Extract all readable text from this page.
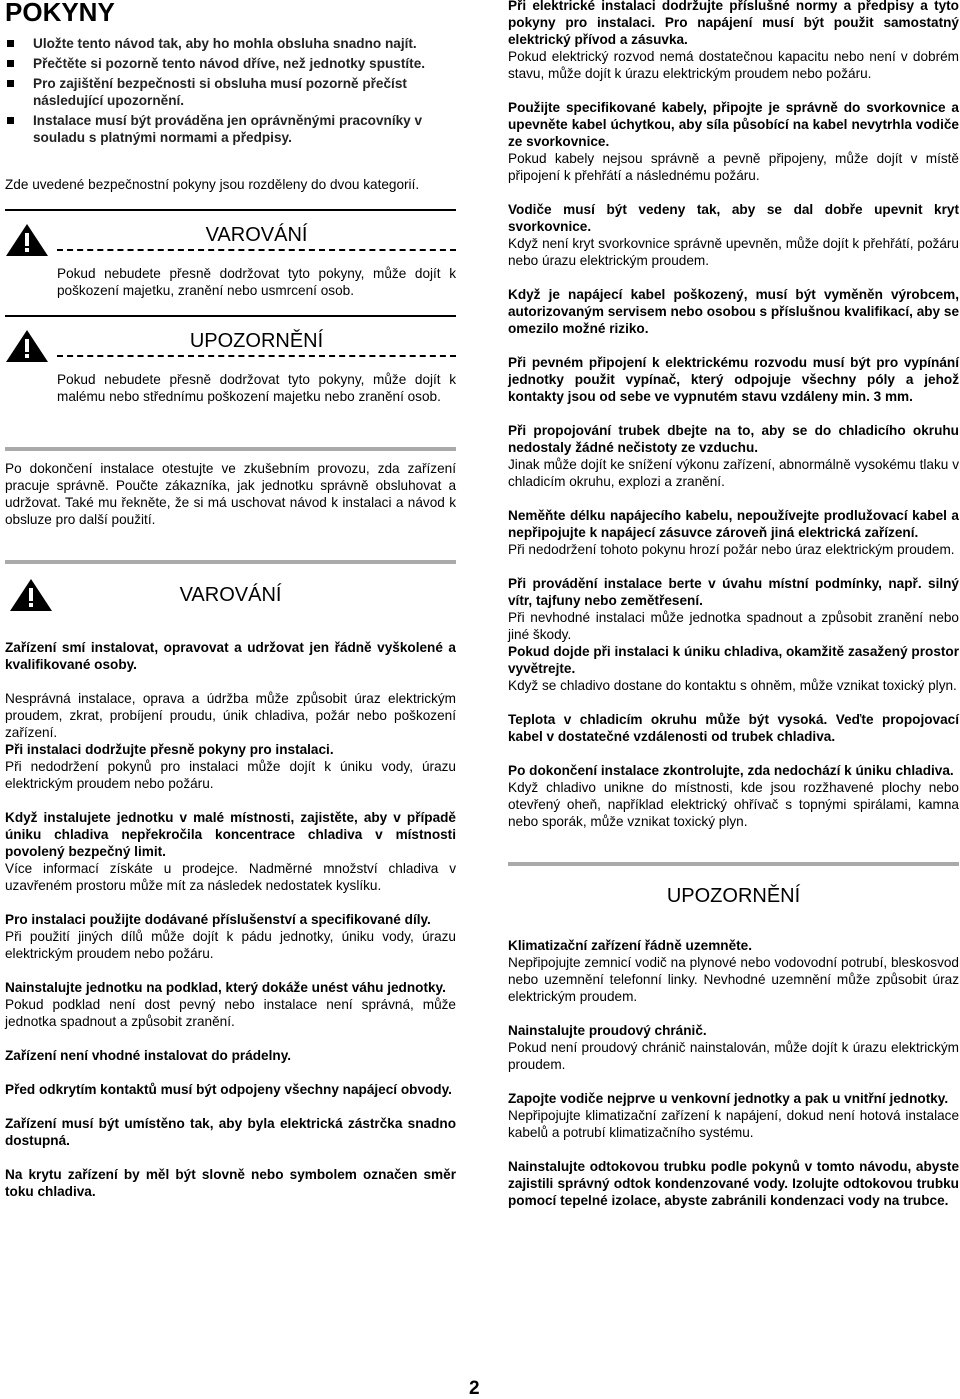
POKYNY
Uložte tento návod tak, aby ho mohla obsluha snadno najít.
Přečtěte si pozorně tento návod dříve, než jednotky spustíte.
Pro zajištění bezpečnosti si obsluha musí pozorně přečíst následující upozornění.
Instalace musí být prováděna jen oprávněnými pracovníky v souladu s platnými normami a předpisy.

Zde uvedené bezpečnostní pokyny jsou rozděleny do dvou kategorií.

VAROVÁNÍ
Pokud nebudete přesně dodržovat tyto pokyny, může dojít k poškození majetku, zranění nebo usmrcení osob.
UPOZORNĚNÍ
Pokud nebudete přesně dodržovat tyto pokyny, může dojít k malému nebo střednímu poškození majetku nebo zranění osob.

Po dokončení instalace otestujte ve zkušebním provozu, zda zařízení pracuje správně. Poučte zákazníka, jak jednotku správně obsluhovat a udržovat. Také mu řekněte, že si má uschovat návod k instalaci a návod k obsluze pro další použití.

VAROVÁNÍ
Zařízení smí instalovat, opravovat a udržovat jen řádně vyškolené a kvalifikované osoby.
Nesprávná instalace, oprava a údržba může způsobit úraz elektrickým proudem, zkrat, probíjení proudu, únik chladiva, požár nebo poškození zařízení.
Při instalaci dodržujte přesně pokyny pro instalaci.
Při nedodržení pokynů pro instalaci může dojít k úniku vody, úrazu elektrickým proudem nebo požáru.
Když instalujete jednotku v malé místnosti, zajistěte, aby v případě úniku chladiva nepřekročila koncentrace chladiva v místnosti povolený bezpečný limit.
Více informací získáte u prodejce. Nadměrné množství chladiva v uzavřeném prostoru může mít za následek nedostatek kyslíku.
Pro instalaci použijte dodávané příslušenství a specifikované díly.
Při použití jiných dílů může dojít k pádu jednotky, úniku vody, úrazu elektrickým proudem nebo požáru.
Nainstalujte jednotku na podklad, který dokáže unést váhu jednotky.
Pokud podklad není dost pevný nebo instalace není správná, může jednotka spadnout a způsobit zranění.
Zařízení není vhodné instalovat do prádelny.
Před odkrytím kontaktů musí být odpojeny všechny napájecí obvody.
Zařízení musí být umístěno tak, aby byla elektrická zástrčka snadno dostupná.
Na krytu zařízení by měl být slovně nebo symbolem označen směr toku chladiva.
Při elektrické instalaci dodržujte příslušné normy a předpisy a tyto pokyny pro instalaci. Pro napájení musí být použit samostatný elektrický přívod a zásuvka.
Pokud elektrický rozvod nemá dostatečnou kapacitu nebo není v dobrém stavu, může dojít k úrazu elektrickým proudem nebo požáru.
Použijte specifikované kabely, připojte je správně do svorkovnice a upevněte kabel úchytkou, aby síla působící na kabel nevytrhla vodiče ze svorkovnice.
Pokud kabely nejsou správně a pevně připojeny, může dojít v místě připojení k přehřátí a následnému požáru.
Vodiče musí být vedeny tak, aby se dal dobře upevnit kryt svorkovnice.
Když není kryt svorkovnice správně upevněn, může dojít k přehřátí, požáru nebo úrazu elektrickým proudem.
Když je napájecí kabel poškozený, musí být vyměněn výrobcem, autorizovaným servisem nebo osobou s příslušnou kvalifikací, aby se omezilo možné riziko.
Při pevném připojení k elektrickému rozvodu musí být pro vypínání jednotky použit vypínač, který odpojuje všechny póly a jehož kontakty jsou od sebe ve vypnutém stavu vzdáleny min. 3 mm.
Při propojování trubek dbejte na to, aby se do chladicího okruhu nedostaly žádné nečistoty ze vzduchu.
Jinak může dojít ke snížení výkonu zařízení, abnormálně vysokému tlaku v chladicím okruhu, explozi a zranění.
Neměňte délku napájecího kabelu, nepoužívejte prodlužovací kabel a nepřipojujte k napájecí zásuvce zároveň jiná elektrická zařízení.
Při nedodržení tohoto pokynu hrozí požár nebo úraz elektrickým proudem.
Při provádění instalace berte v úvahu místní podmínky, např. silný vítr, tajfuny nebo zemětřesení.
Při nevhodné instalaci může jednotka spadnout a způsobit zranění nebo jiné škody.
Pokud dojde při instalaci k úniku chladiva, okamžitě zasažený prostor vyvětrejte.
Když se chladivo dostane do kontaktu s ohněm, může vznikat toxický plyn.
Teplota v chladicím okruhu může být vysoká. Veďte propojovací kabel v dostatečné vzdálenosti od trubek chladiva.
Po dokončení instalace zkontrolujte, zda nedochází k úniku chladiva.
Když chladivo unikne do místnosti, kde jsou rozžhavené plochy nebo otevřený oheň, například elektrický ohřívač s topnými spirálami, kamna nebo sporák, může vznikat toxický plyn.
UPOZORNĚNÍ
Klimatizační zařízení řádně uzemněte.
Nepřipojujte zemnicí vodič na plynové nebo vodovodní potrubí, bleskosvod nebo uzemnění telefonní linky. Nevhodné uzemnění může způsobit úraz elektrickým proudem.
Nainstalujte proudový chránič.
Pokud není proudový chránič nainstalován, může dojít k úrazu elektrickým proudem.
Zapojte vodiče nejprve u venkovní jednotky a pak u vnitřní jednotky.
Nepřipojujte klimatizační zařízení k napájení, dokud není hotová instalace kabelů a potrubí klimatizačního systému.
Nainstalujte odtokovou trubku podle pokynů v tomto návodu, abyste zajistili správný odtok kondenzované vody. Izolujte odtokovou trubku pomocí tepelné izolace, abyste zabránili kondenzaci vody na trubce.
2
